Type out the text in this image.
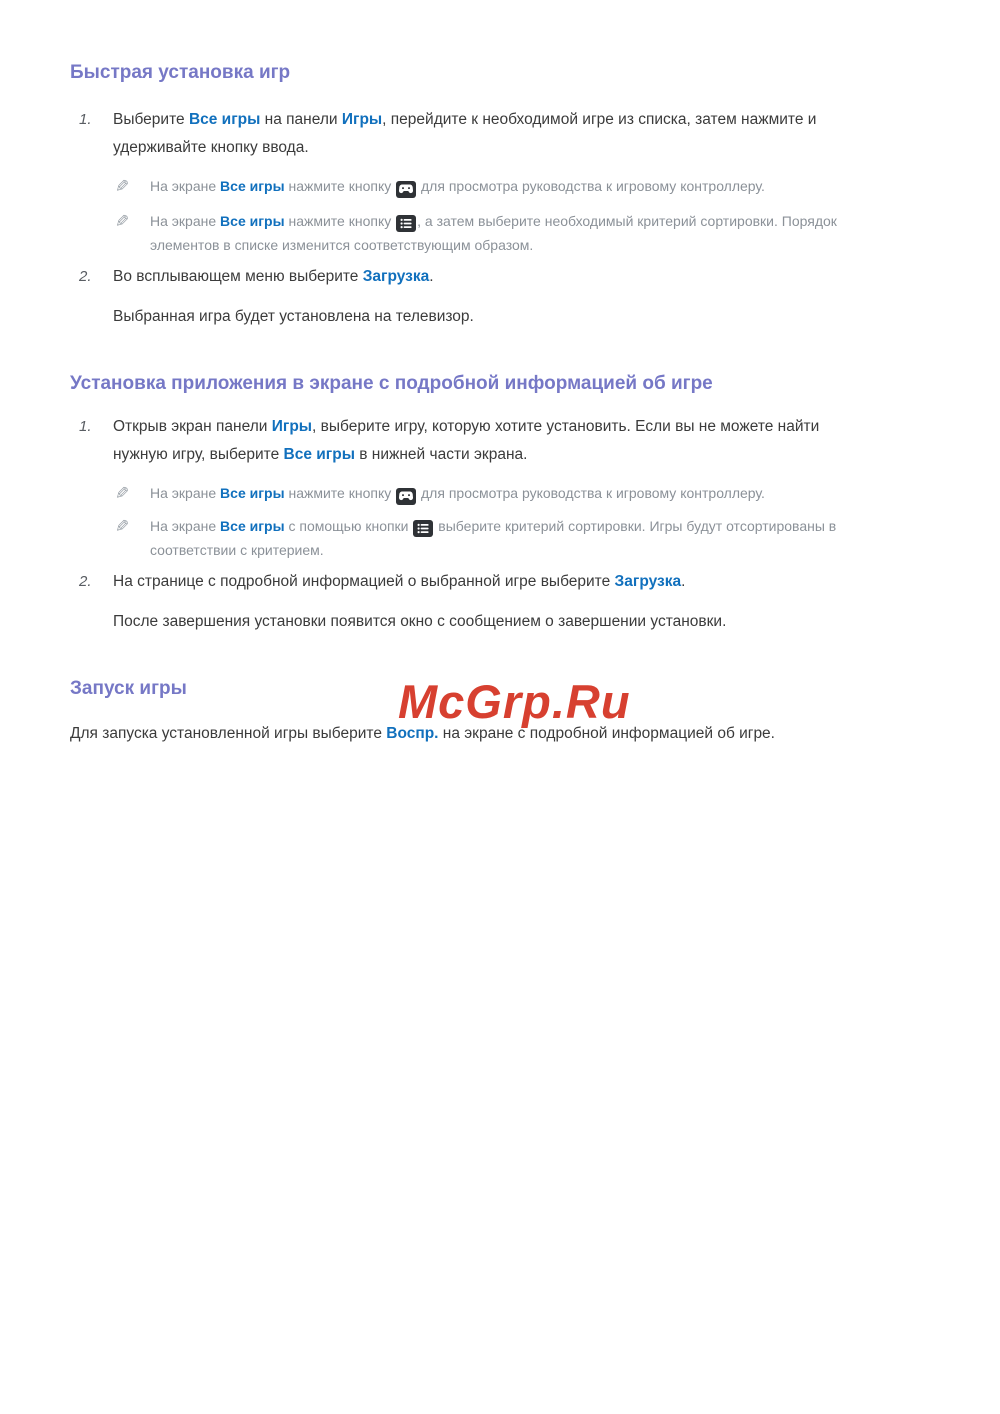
McGrp.Ru
Быстрая установка игр
1.	Выберите Все игры на панели Игры, перейдите к необходимой игре из списка, затем нажмите и удерживайте кнопку ввода.

✎	На экране Все игры нажмите кнопку
для просмотра руководства к игровому контроллеру.

✎	На экране Все игры нажмите кнопку
, а затем выберите необходимый критерий сортировки. Порядок элементов в списке изменится соответствующим образом.

2.	Во всплывающем меню выберите Загрузка.

Выбранная игра будет установлена на телевизор.

Установка приложения в экране с подробной информацией об игре
1.	Открыв экран панели Игры, выберите игру, которую хотите установить. Если вы не можете найти нужную игру, выберите Все игры в нижней части экрана.

✎	На экране Все игры нажмите кнопку
для просмотра руководства к игровому контроллеру.

✎	На экране Все игры с помощью кнопки
выберите критерий сортировки. Игры будут отсортированы в соответствии с критерием.

2.	На странице с подробной информацией о выбранной игре выберите Загрузка.

После завершения установки появится окно с сообщением о завершении установки.

Запуск игры

Для запуска установленной игры выберите Воспр. на экране с подробной информацией об игре.
